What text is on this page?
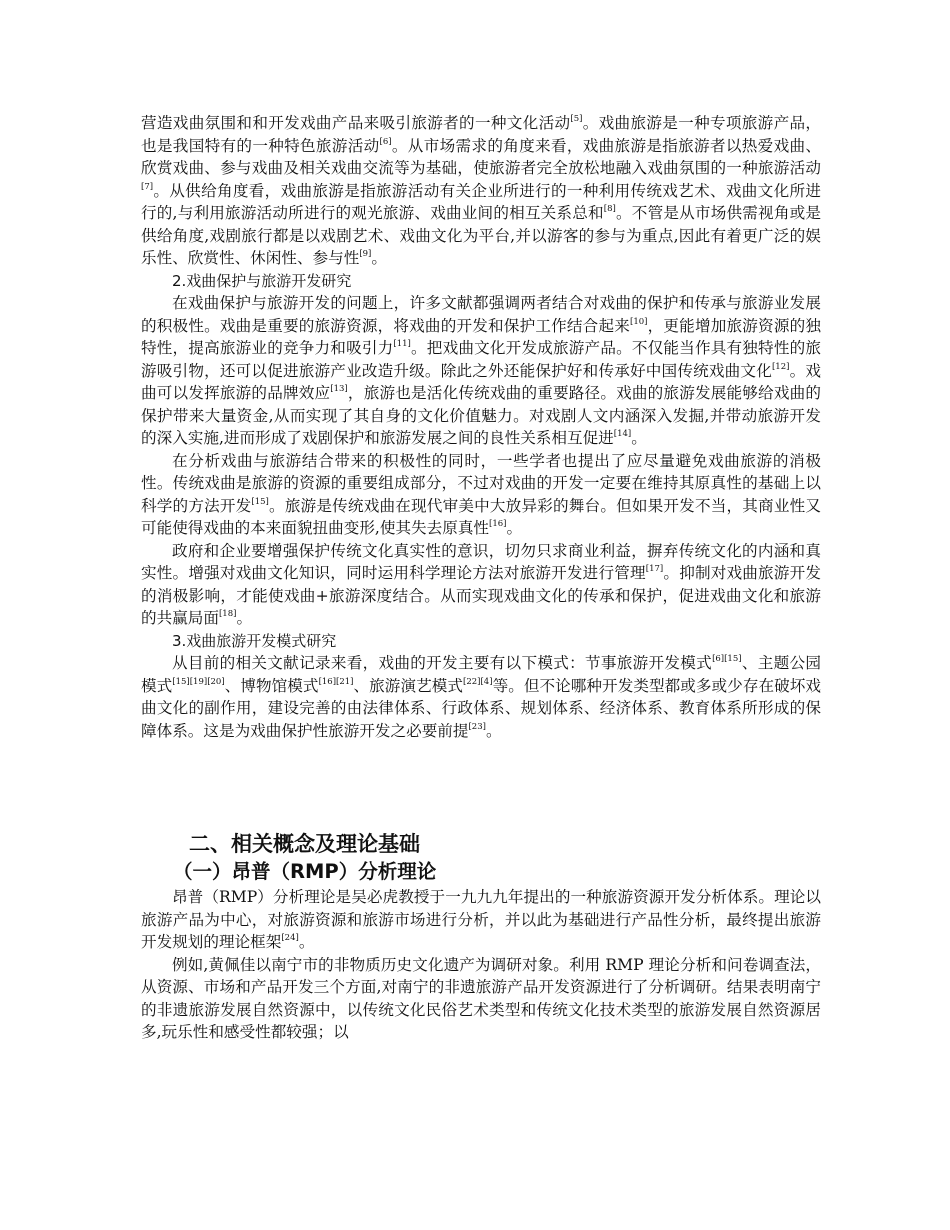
营造戏曲氛围和和开发戏曲产品来吸引旅游者的一种文化活动[5]。戏曲旅游是一种专项旅游产品，也是我国特有的一种特色旅游活动[6]。从市场需求的角度来看，戏曲旅游是指旅游者以热爱戏曲、欣赏戏曲、参与戏曲及相关戏曲交流等为基础，使旅游者完全放松地融入戏曲氛围的一种旅游活动[7]。从供给角度看，戏曲旅游是指旅游活动有关企业所进行的一种利用传统戏艺术、戏曲文化所进行的,与利用旅游活动所进行的观光旅游、戏曲业间的相互关系总和[8]。不管是从市场供需视角或是供给角度,戏剧旅行都是以戏剧艺术、戏曲文化为平台,并以游客的参与为重点,因此有着更广泛的娱乐性、欣赏性、休闲性、参与性[9]。

2.戏曲保护与旅游开发研究

在戏曲保护与旅游开发的问题上，许多文献都强调两者结合对戏曲的保护和传承与旅游业发展的积极性。戏曲是重要的旅游资源，将戏曲的开发和保护工作结合起来[10]，更能增加旅游资源的独特性，提高旅游业的竞争力和吸引力[11]。把戏曲文化开发成旅游产品。不仅能当作具有独特性的旅游吸引物，还可以促进旅游产业改造升级。除此之外还能保护好和传承好中国传统戏曲文化[12]。戏曲可以发挥旅游的品牌效应[13]，旅游也是活化传统戏曲的重要路径。戏曲的旅游发展能够给戏曲的保护带来大量资金,从而实现了其自身的文化价值魅力。对戏剧人文内涵深入发掘,并带动旅游开发的深入实施,进而形成了戏剧保护和旅游发展之间的良性关系相互促进[14]。

在分析戏曲与旅游结合带来的积极性的同时，一些学者也提出了应尽量避免戏曲旅游的消极性。传统戏曲是旅游的资源的重要组成部分，不过对戏曲的开发一定要在维持其原真性的基础上以科学的方法开发[15]。旅游是传统戏曲在现代审美中大放异彩的舞台。但如果开发不当，其商业性又可能使得戏曲的本来面貌扭曲变形,使其失去原真性[16]。

政府和企业要增强保护传统文化真实性的意识，切勿只求商业利益，摒弃传统文化的内涵和真实性。增强对戏曲文化知识，同时运用科学理论方法对旅游开发进行管理[17]。抑制对戏曲旅游开发的消极影响，才能使戏曲+旅游深度结合。从而实现戏曲文化的传承和保护，促进戏曲文化和旅游的共赢局面[18]。

3.戏曲旅游开发模式研究

从目前的相关文献记录来看，戏曲的开发主要有以下模式：节事旅游开发模式[6][15]、主题公园模式[15][19][20]、博物馆模式[16][21]、旅游演艺模式[22][4]等。但不论哪种开发类型都或多或少存在破坏戏曲文化的副作用，建设完善的由法律体系、行政体系、规划体系、经济体系、教育体系所形成的保障体系。这是为戏曲保护性旅游开发之必要前提[23]。

二、相关概念及理论基础

（一）昂普（RMP）分析理论

昂普（RMP）分析理论是吴必虎教授于一九九九年提出的一种旅游资源开发分析体系。理论以旅游产品为中心，对旅游资源和旅游市场进行分析，并以此为基础进行产品性分析，最终提出旅游开发规划的理论框架[24]。

例如,黄佩佳以南宁市的非物质历史文化遗产为调研对象。利用 RMP 理论分析和问卷调查法，从资源、市场和产品开发三个方面,对南宁的非遗旅游产品开发资源进行了分析调研。结果表明南宁的非遗旅游发展自然资源中，以传统文化民俗艺术类型和传统文化技术类型的旅游发展自然资源居多,玩乐性和感受性都较强；以
